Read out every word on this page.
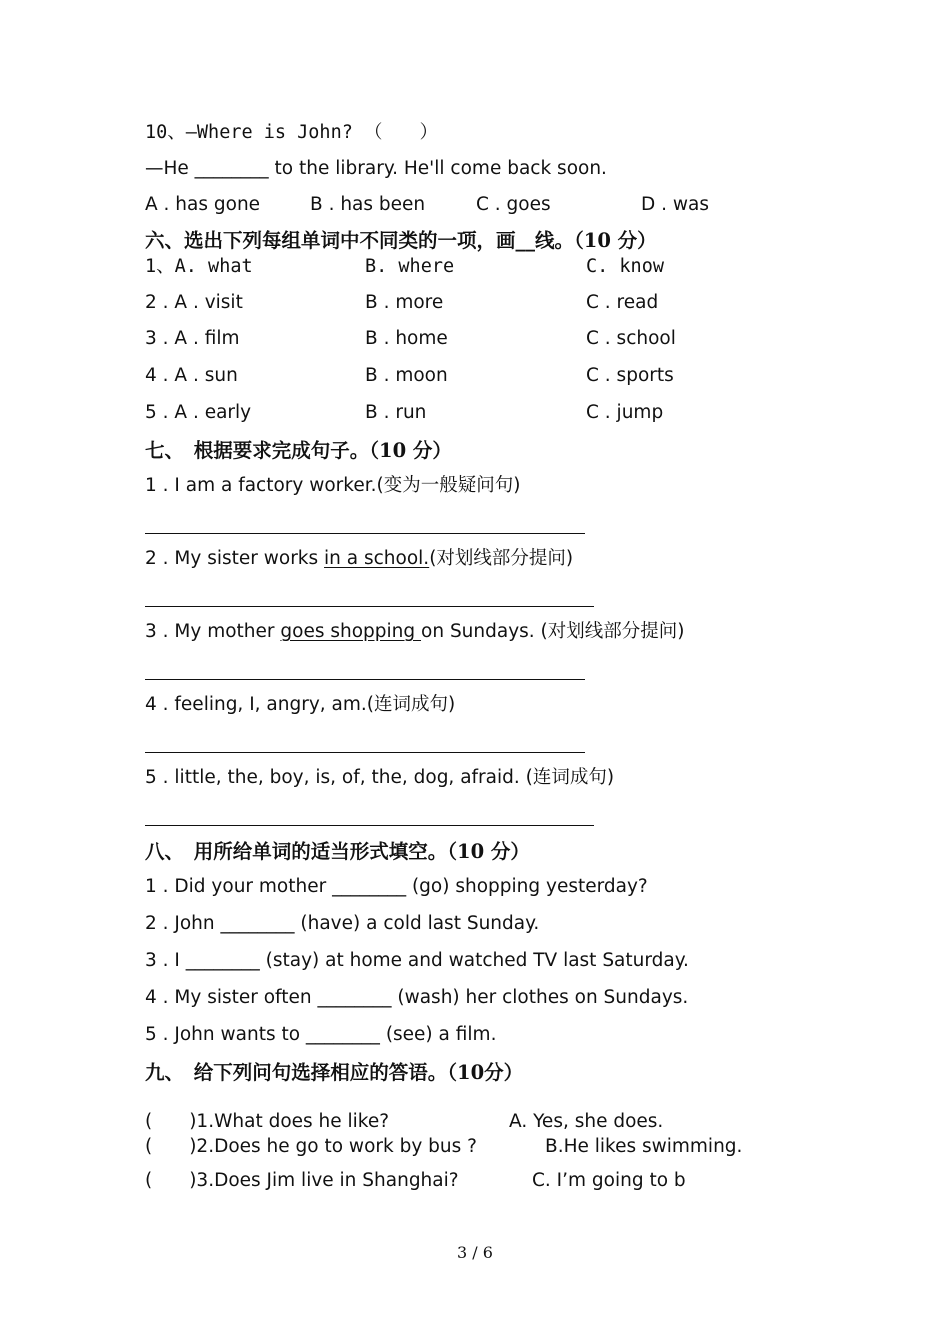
10、—Where is John? （　　）
—He ________ to the library. He'll come back soon.
A . has gone	B . has been	C . goes	D . was
六、选出下列每组单词中不同类的一项，画__线。（10 分）
1、A. what	B. where	C. know
2 . A . visit	B . more	C . read
3 . A . film	B . home	C . school
4 . A . sun	B . moon	C . sports
5 . A . early	B . run	C . jump
七、　根据要求完成句子。（10 分）
1 . I am a factory worker.(变为一般疑问句)
2 . My sister works in a school.(对划线部分提问)
3 . My mother goes shopping on Sundays. (对划线部分提问)
4 . feeling, I, angry, am.(连词成句)
5 . little, the, boy, is, of, the, dog, afraid. (连词成句)
八、　用所给单词的适当形式填空。（10 分）
1 . Did your mother ________ (go) shopping yesterday?
2 . John ________ (have) a cold last Sunday.
3 . I ________ (stay) at home and watched TV last Saturday.
4 . My sister often ________ (wash) her clothes on Sundays.
5 . John wants to ________ (see) a film.
九、　给下列问句选择相应的答语。（10分）
(　　)1.What does he like?	A. Yes, she does.
(　　)2.Does he go to work by bus ?	B.He likes swimming.
(　　)3.Does Jim live in Shanghai?	C. I’m going to b
3 / 6
